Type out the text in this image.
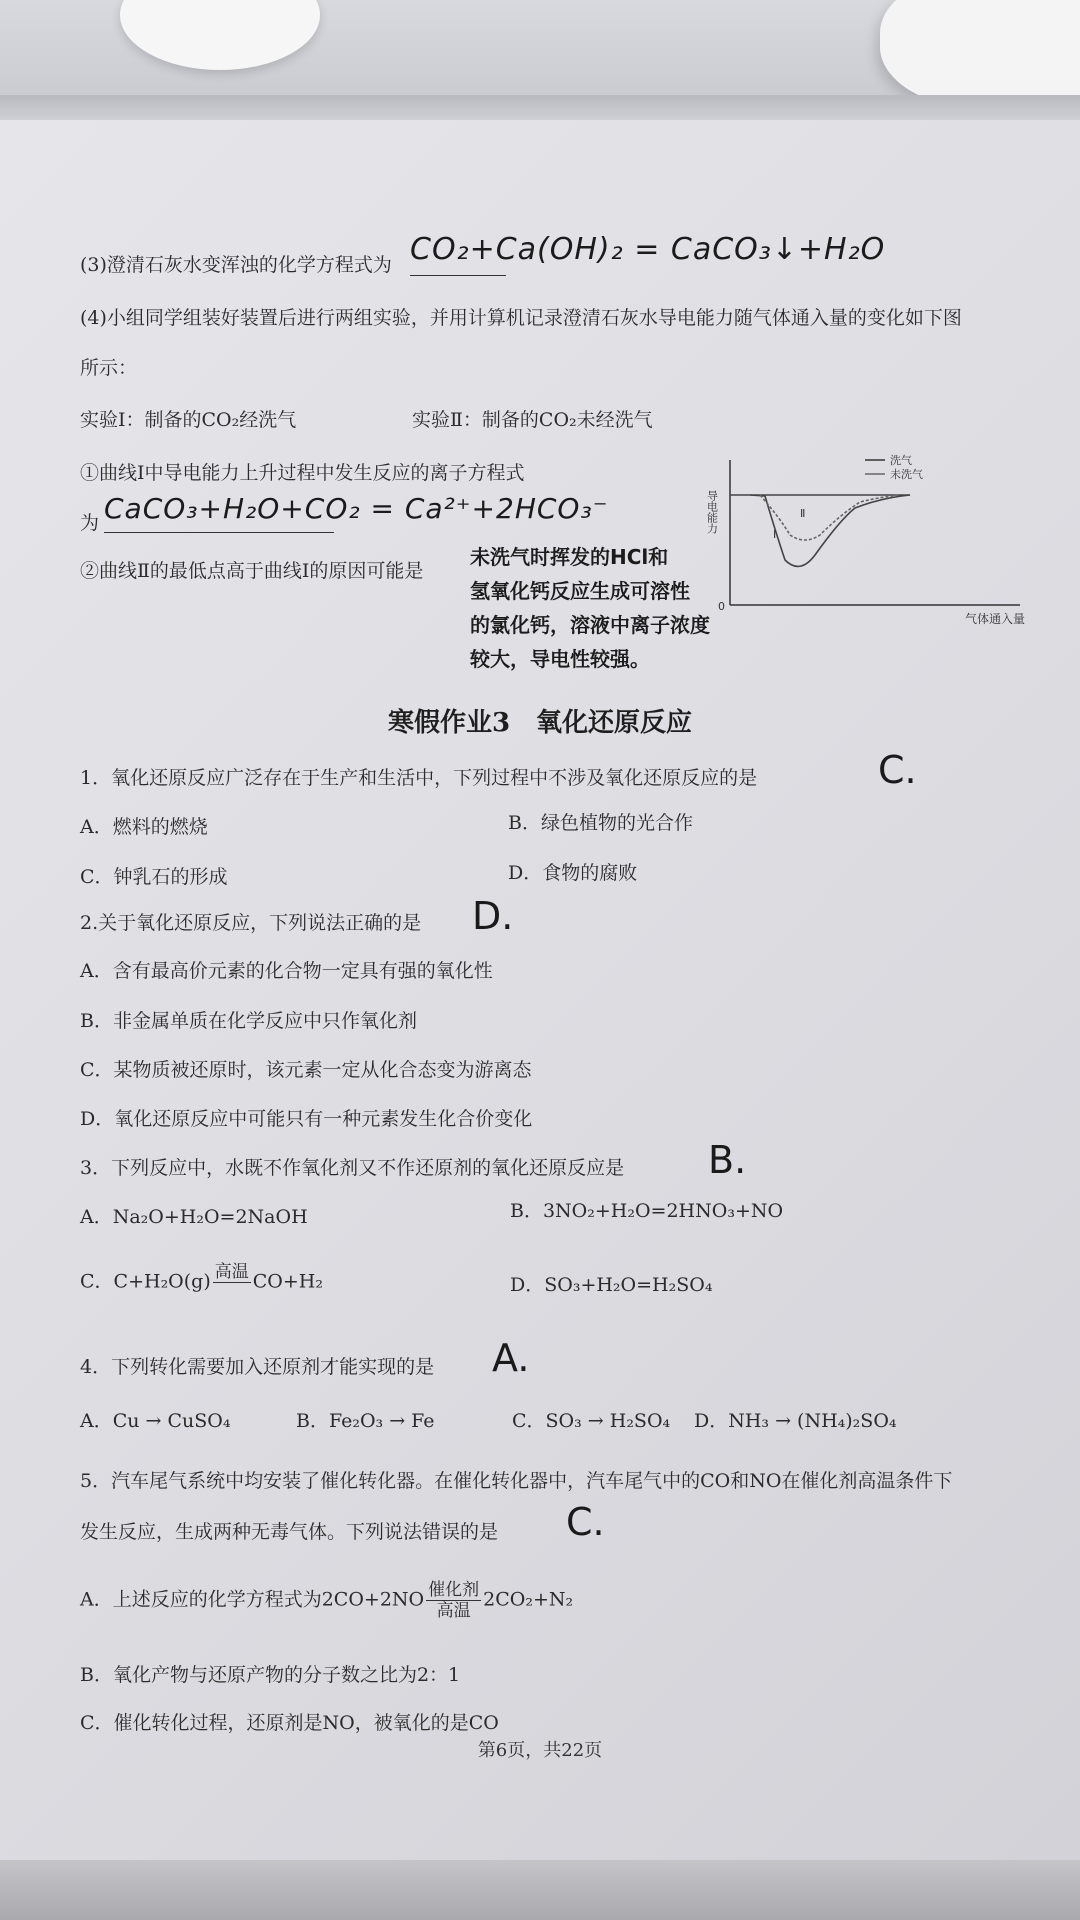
(3)澄清石灰水变浑浊的化学方程式为 CO₂+Ca(OH)₂ = CaCO₃↓+H₂O
(4)小组同学组装好装置后进行两组实验，并用计算机记录澄清石灰水导电能力随气体通入量的变化如下图
所示：
实验Ⅰ：制备的CO₂经洗气	实验Ⅱ：制备的CO₂未经洗气
①曲线Ⅰ中导电能力上升过程中发生反应的离子方程式
为 CaCO₃+H₂O+CO₂ = Ca²⁺+2HCO₃⁻
②曲线Ⅱ的最低点高于曲线Ⅰ的原因可能是
未洗气时挥发的HCl和
氢氧化钙反应生成可溶性
的氯化钙，溶液中离子浓度
较大，导电性较强。
导电能力
0
气体通入量
Ⅰ
Ⅱ
洗气
未洗气
寒假作业3　氧化还原反应
1．氧化还原反应广泛存在于生产和生活中，下列过程中不涉及氧化还原反应的是	C.
A．燃料的燃烧	B．绿色植物的光合作
C．钟乳石的形成	D．食物的腐败
2.关于氧化还原反应，下列说法正确的是 D.
A．含有最高价元素的化合物一定具有强的氧化性
B．非金属单质在化学反应中只作氧化剂
C．某物质被还原时，该元素一定从化合态变为游离态
D．氧化还原反应中可能只有一种元素发生化合价变化
3．下列反应中，水既不作氧化剂又不作还原剂的氧化还原反应是 B.
A．Na₂O+H₂O=2NaOH	B．3NO₂+H₂O=2HNO₃+NO
C．C+H₂O(g) 高温
CO+H₂	D．SO₃+H₂O=H₂SO₄
4．下列转化需要加入还原剂才能实现的是 A.
A．Cu → CuSO₄	B．Fe₂O₃ → Fe	C．SO₃ → H₂SO₄ D．NH₃ → (NH₄)₂SO₄
5．汽车尾气系统中均安装了催化转化器。在催化转化器中，汽车尾气中的CO和NO在催化剂高温条件下
发生反应，生成两种无毒气体。下列说法错误的是 C.
A．上述反应的化学方程式为$2CO+2NO \frac{\text{催化剂}}{\text{高温}} 2CO_2+N_2$
B．氧化产物与还原产物的分子数之比为2：1
C．催化转化过程，还原剂是NO，被氧化的是CO
第6页，共22页
